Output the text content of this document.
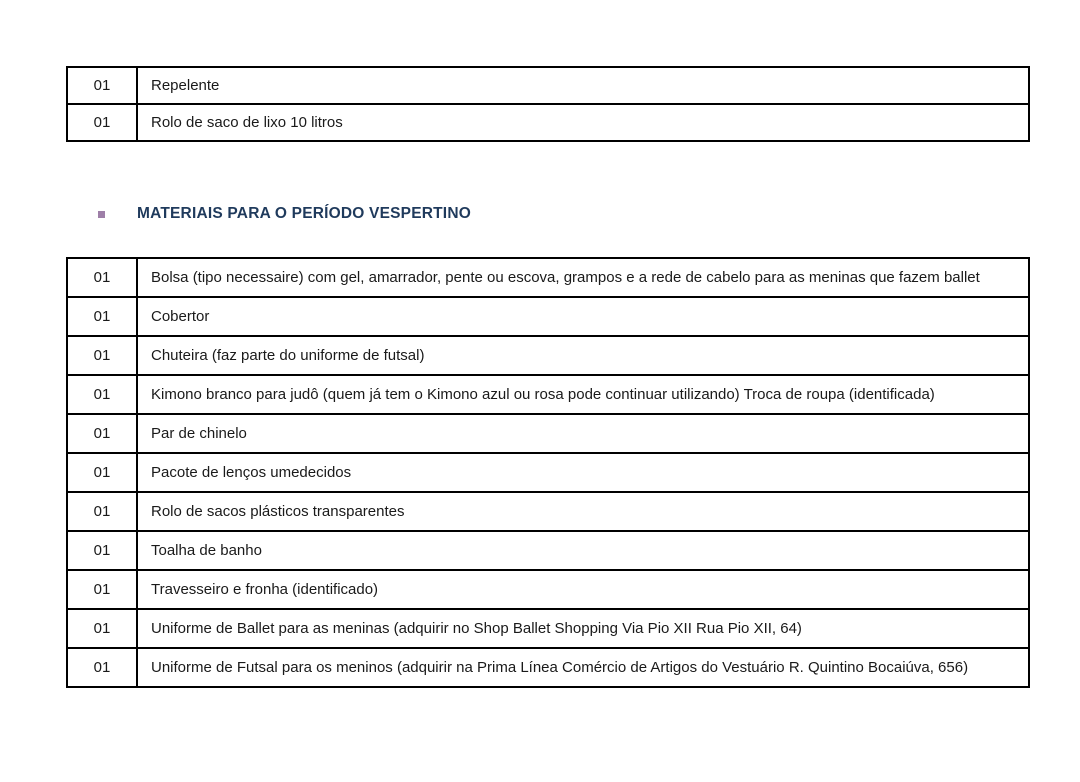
01	Repelente
01	Rolo de saco de lixo 10 litros
MATERIAIS PARA O PERÍODO VESPERTINO
01	Bolsa (tipo necessaire) com gel, amarrador, pente ou escova, grampos e a rede de cabelo para as meninas que fazem ballet
01	Cobertor
01	Chuteira (faz parte do uniforme de futsal)
01	Kimono branco para judô (quem já tem o Kimono azul ou rosa pode continuar utilizando) Troca de roupa (identificada)
01	Par de chinelo
01	Pacote de lenços umedecidos
01	Rolo de sacos plásticos transparentes
01	Toalha de banho
01	Travesseiro e fronha (identificado)
01	Uniforme de Ballet para as meninas (adquirir no Shop Ballet Shopping Via Pio XII Rua Pio XII, 64)
01	Uniforme de Futsal para os meninos (adquirir na Prima Línea Comércio de Artigos do Vestuário R. Quintino Bocaiúva, 656)
